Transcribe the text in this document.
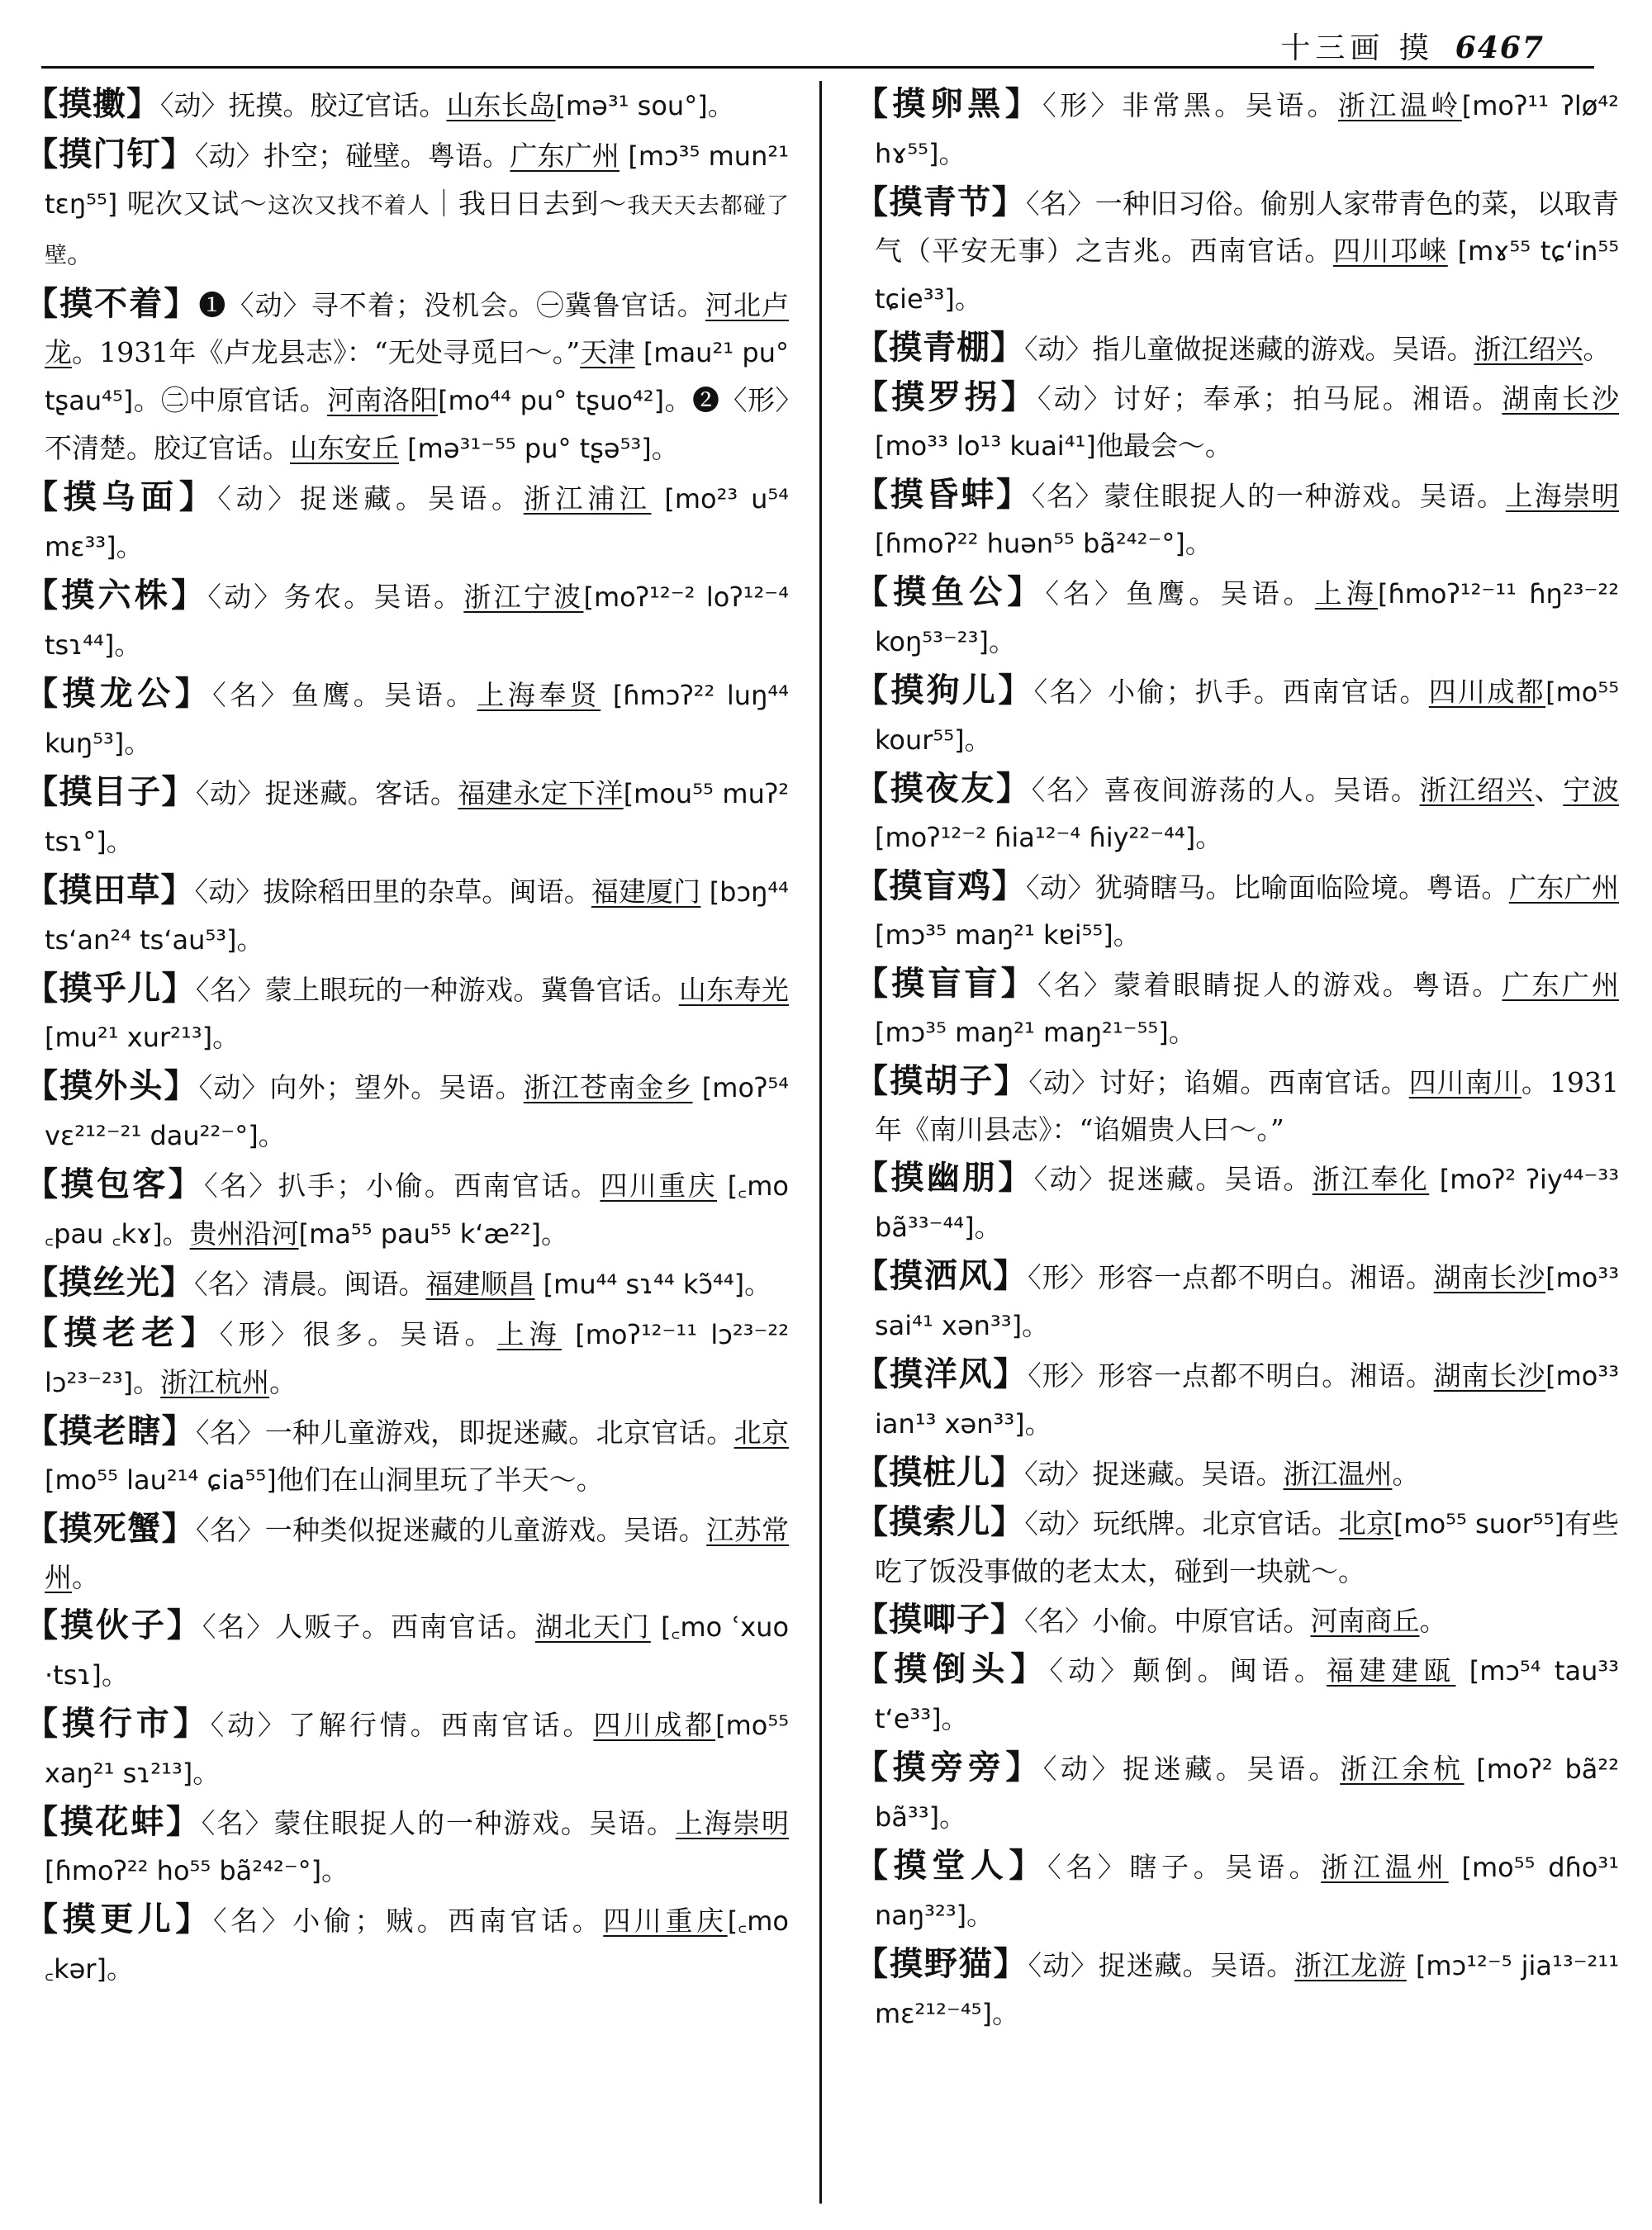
十三画 摸 6467
【摸擻】〈动〉抚摸。胶辽官话。山东长岛[mə³¹ sou°]。
【摸门钉】〈动〉扑空；碰壁。粤语。广东广州 [mɔ³⁵ mun²¹ tɛŋ⁵⁵] 呢次又试～这次又找不着人｜我日日去到～我天天去都碰了壁。
【摸不着】❶〈动〉寻不着；没机会。㊀冀鲁官话。河北卢龙。1931年《卢龙县志》：“无处寻觅曰～。”天津 [mau²¹ pu° tʂau⁴⁵]。㊁中原官话。河南洛阳[mo⁴⁴ pu° tʂuo⁴²]。❷〈形〉不清楚。胶辽官话。山东安丘 [mə³¹⁻⁵⁵ pu° tʂə⁵³]。
【摸乌面】〈动〉捉迷藏。吴语。浙江浦江 [mo²³ u⁵⁴ mɛ³³]。
【摸六株】〈动〉务农。吴语。浙江宁波[moʔ¹²⁻² loʔ¹²⁻⁴ tsɿ⁴⁴]。
【摸龙公】〈名〉鱼鹰。吴语。上海奉贤 [ɦmɔʔ²² luŋ⁴⁴ kuŋ⁵³]。
【摸目子】〈动〉捉迷藏。客话。福建永定下洋[mou⁵⁵ muʔ² tsɿ°]。
【摸田草】〈动〉拔除稻田里的杂草。闽语。福建厦门 [bɔŋ⁴⁴ tsʻan²⁴ tsʻau⁵³]。
【摸乎儿】〈名〉蒙上眼玩的一种游戏。冀鲁官话。山东寿光[mu²¹ xur²¹³]。
【摸外头】〈动〉向外；望外。吴语。浙江苍南金乡 [moʔ⁵⁴ vɛ²¹²⁻²¹ dau²²⁻°]。
【摸包客】〈名〉扒手；小偷。西南官话。四川重庆 [꜀mo ꜀pau ꜀kɤ]。贵州沿河[ma⁵⁵ pau⁵⁵ kʻæ²²]。
【摸丝光】〈名〉清晨。闽语。福建顺昌 [mu⁴⁴ sɿ⁴⁴ kɔ̃⁴⁴]。
【摸老老】〈形〉很多。吴语。上海 [moʔ¹²⁻¹¹ lɔ²³⁻²² lɔ²³⁻²³]。浙江杭州。
【摸老瞎】〈名〉一种儿童游戏，即捉迷藏。北京官话。北京[mo⁵⁵ lau²¹⁴ ɕia⁵⁵]他们在山洞里玩了半天～。
【摸死蟹】〈名〉一种类似捉迷藏的儿童游戏。吴语。江苏常州。
【摸伙子】〈名〉人贩子。西南官话。湖北天门 [꜀mo ʿxuo ·tsɿ]。
【摸行市】〈动〉了解行情。西南官话。四川成都[mo⁵⁵ xaŋ²¹ sɿ²¹³]。
【摸花蚌】〈名〉蒙住眼捉人的一种游戏。吴语。上海崇明[ɦmoʔ²² ho⁵⁵ bã²⁴²⁻°]。
【摸更儿】〈名〉小偷；贼。西南官话。四川重庆[꜀mo ꜀kər]。
【摸卵黑】〈形〉非常黑。吴语。浙江温岭[moʔ¹¹ ʔlø⁴² hɤ⁵⁵]。
【摸青节】〈名〉一种旧习俗。偷别人家带青色的菜，以取青气（平安无事）之吉兆。西南官话。四川邛崃 [mɤ⁵⁵ tɕʻin⁵⁵ tɕie³³]。
【摸青棚】〈动〉指儿童做捉迷藏的游戏。吴语。浙江绍兴。
【摸罗拐】〈动〉讨好；奉承；拍马屁。湘语。湖南长沙[mo³³ lo¹³ kuai⁴¹]他最会～。
【摸昏蚌】〈名〉蒙住眼捉人的一种游戏。吴语。上海崇明[ɦmoʔ²² huən⁵⁵ bã²⁴²⁻°]。
【摸鱼公】〈名〉鱼鹰。吴语。上海[ɦmoʔ¹²⁻¹¹ ɦŋ²³⁻²² koŋ⁵³⁻²³]。
【摸狗儿】〈名〉小偷；扒手。西南官话。四川成都[mo⁵⁵ kour⁵⁵]。
【摸夜友】〈名〉喜夜间游荡的人。吴语。浙江绍兴、宁波[moʔ¹²⁻² ɦia¹²⁻⁴ ɦiy²²⁻⁴⁴]。
【摸盲鸡】〈动〉犹骑瞎马。比喻面临险境。粤语。广东广州[mɔ³⁵ maŋ²¹ kɐi⁵⁵]。
【摸盲盲】〈名〉蒙着眼睛捉人的游戏。粤语。广东广州[mɔ³⁵ maŋ²¹ maŋ²¹⁻⁵⁵]。
【摸胡子】〈动〉讨好；谄媚。西南官话。四川南川。1931年《南川县志》：“谄媚贵人曰～。”
【摸幽朋】〈动〉捉迷藏。吴语。浙江奉化 [moʔ² ʔiy⁴⁴⁻³³ bã³³⁻⁴⁴]。
【摸洒风】〈形〉形容一点都不明白。湘语。湖南长沙[mo³³ sai⁴¹ xən³³]。
【摸洋风】〈形〉形容一点都不明白。湘语。湖南长沙[mo³³ ian¹³ xən³³]。
【摸桩儿】〈动〉捉迷藏。吴语。浙江温州。
【摸索儿】〈动〉玩纸牌。北京官话。北京[mo⁵⁵ suor⁵⁵]有些吃了饭没事做的老太太，碰到一块就～。
【摸唧子】〈名〉小偷。中原官话。河南商丘。
【摸倒头】〈动〉颠倒。闽语。福建建瓯 [mɔ⁵⁴ tau³³ tʻe³³]。
【摸旁旁】〈动〉捉迷藏。吴语。浙江余杭 [moʔ² bã²² bã³³]。
【摸堂人】〈名〉瞎子。吴语。浙江温州 [mo⁵⁵ dɦo³¹ naŋ³²³]。
【摸野猫】〈动〉捉迷藏。吴语。浙江龙游 [mɔ¹²⁻⁵ jia¹³⁻²¹¹ mɛ²¹²⁻⁴⁵]。
